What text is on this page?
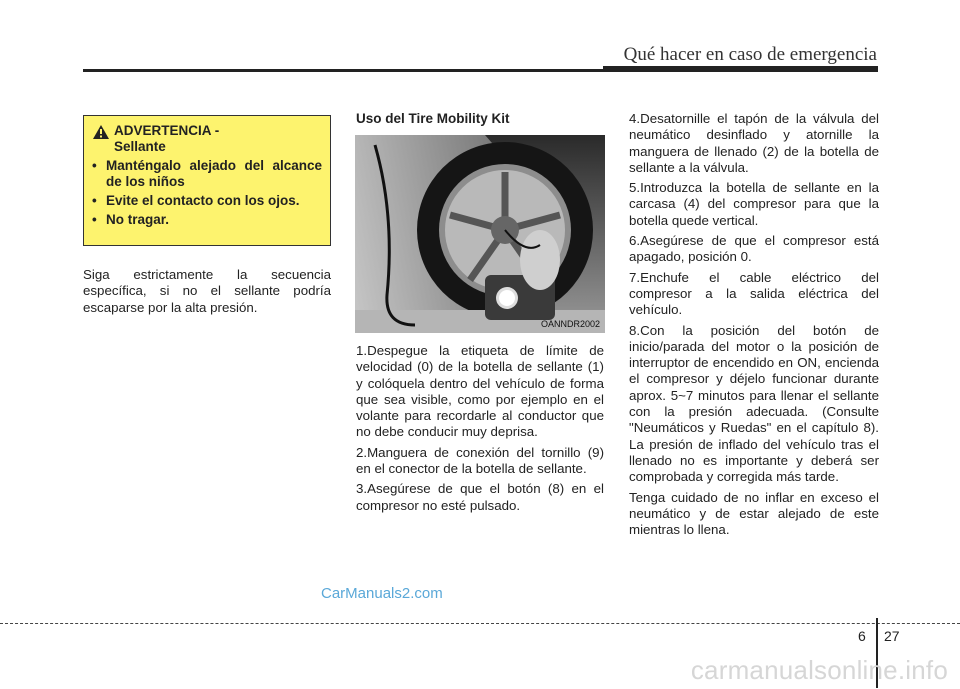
Qué hacer en caso de emergencia
ADVERTENCIA -
Sellante
• Manténgalo alejado del alcance de los niños
• Evite el contacto con los ojos.
• No tragar.
Siga estrictamente la secuencia específica, si no el sellante podría escaparse por la alta presión.
Uso del Tire Mobility Kit
OANNDR2002
1.Despegue la etiqueta de límite de velocidad (0) de la botella de sellante (1) y colóquela dentro del vehículo de forma que sea visible, como por ejemplo en el volante para recordarle al conductor que no debe conducir muy deprisa.
2.Manguera de conexión del tornillo (9) en el conector de la botella de sellante.
3.Asegúrese de que el botón (8) en el compresor no esté pulsado.
4.Desatornille el tapón de la válvula del neumático desinflado y atornille la manguera de llenado (2) de la botella de sellante a la válvula.
5.Introduzca la botella de sellante en la carcasa (4) del compresor para que la botella quede vertical.
6.Asegúrese de que el compresor está apagado, posición 0.
7.Enchufe el cable eléctrico del compresor a la salida eléctrica del vehículo.
8.Con la posición del botón de inicio/parada del motor o la posición de interruptor de encendido en ON, encienda el compresor y déjelo funcionar durante aprox. 5~7 minutos para llenar el sellante con la presión adecuada. (Consulte "Neumáticos y Ruedas" en el capítulo 8). La presión de inflado del vehículo tras el llenado no es importante y deberá ser comprobada y corregida más tarde.
Tenga cuidado de no inflar en exceso el neumático y de estar alejado de este mientras lo llena.
CarManuals2.com
6 27
carmanualsonline.info
